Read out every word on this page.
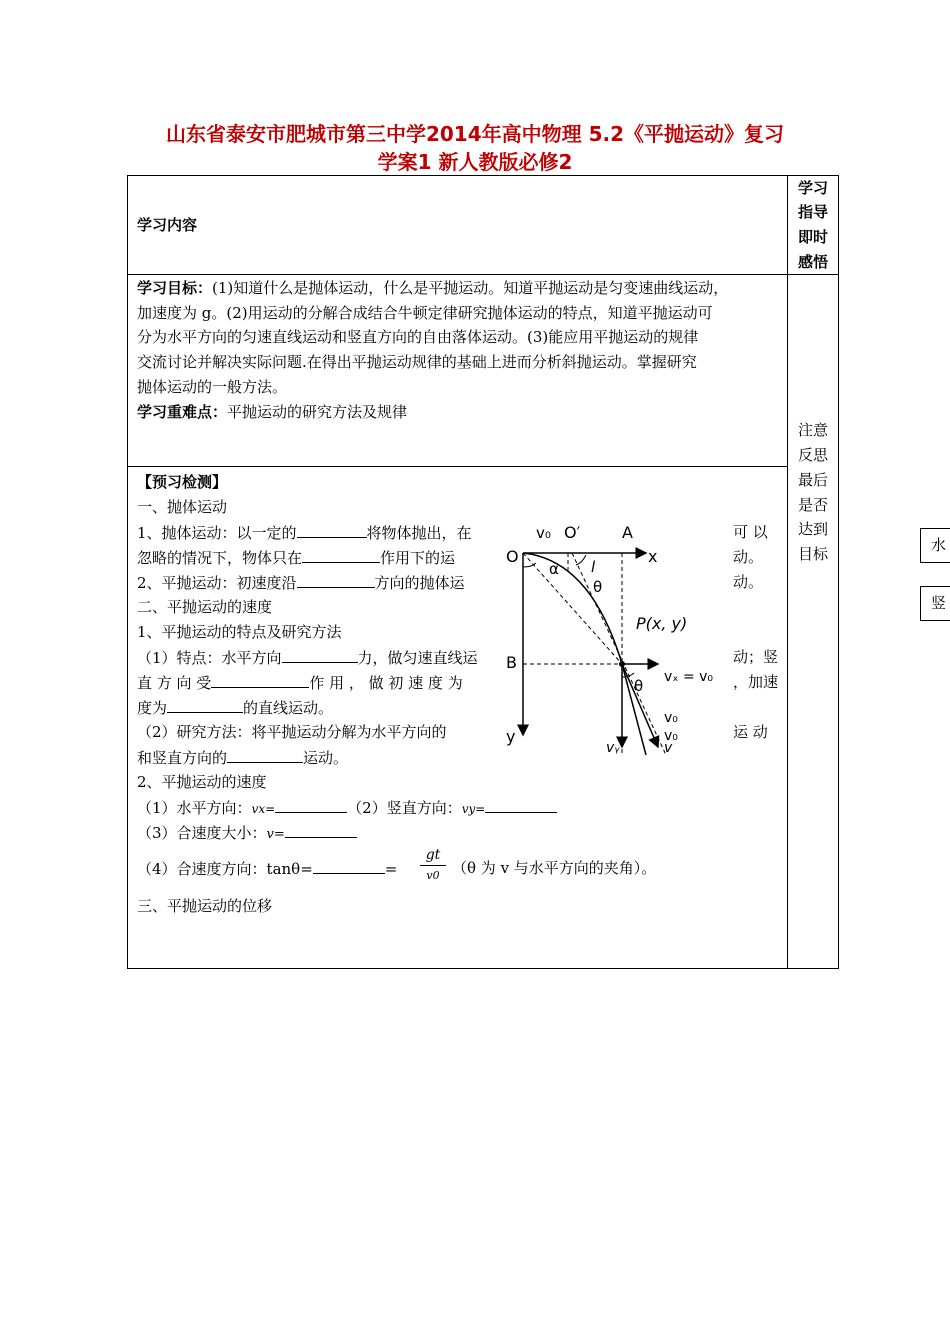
山东省泰安市肥城市第三中学2014年高中物理 5.2《平抛运动》复习
学案1 新人教版必修2
学习内容
学习
指导
即时
感悟
学习目标：(1)知道什么是抛体运动，什么是平抛运动。知道平抛运动是匀变速曲线运动，
加速度为 g。(2)用运动的分解合成结合牛顿定律研究抛体运动的特点，知道平抛运动可
分为水平方向的匀速直线运动和竖直方向的自由落体运动。(3)能应用平抛运动的规律
交流讨论并解决实际问题.在得出平抛运动规律的基础上进而分析斜抛运动。掌握研究
抛体运动的一般方法。
学习重难点：平抛运动的研究方法及规律
注意
反思
最后
是否
达到
目标
【预习检测】
一、抛体运动
1、抛体运动：以一定的	将物体抛出，在	可 以
忽略的情况下，物体只在	作用下的运	动。
2、平抛运动：初速度沿	方向的抛体运	动。
二、平抛运动的速度
1、平抛运动的特点及研究方法
（1）特点：水平方向	力，做匀速直线运	动；竖
直 方 向 受	作 用 ， 做 初 速 度 为	，加速
度为	的直线运动。
（2）研究方法：将平抛运动分解为水平方向的	运 动
和竖直方向的	运动。
2、平抛运动的速度
（1）水平方向：vx=	（2）竖直方向：vy=
（3）合速度大小：v=
（4）合速度方向：tanθ=	=
gt
v0 （θ 为 v 与水平方向的夹角）。
三、平抛运动的位移
v₀ O′	A
O	x
α l
θ
P(x, y)
B
vₓ = v₀
θ
v₀
v₀
y
vᵧ	v
水
竖
